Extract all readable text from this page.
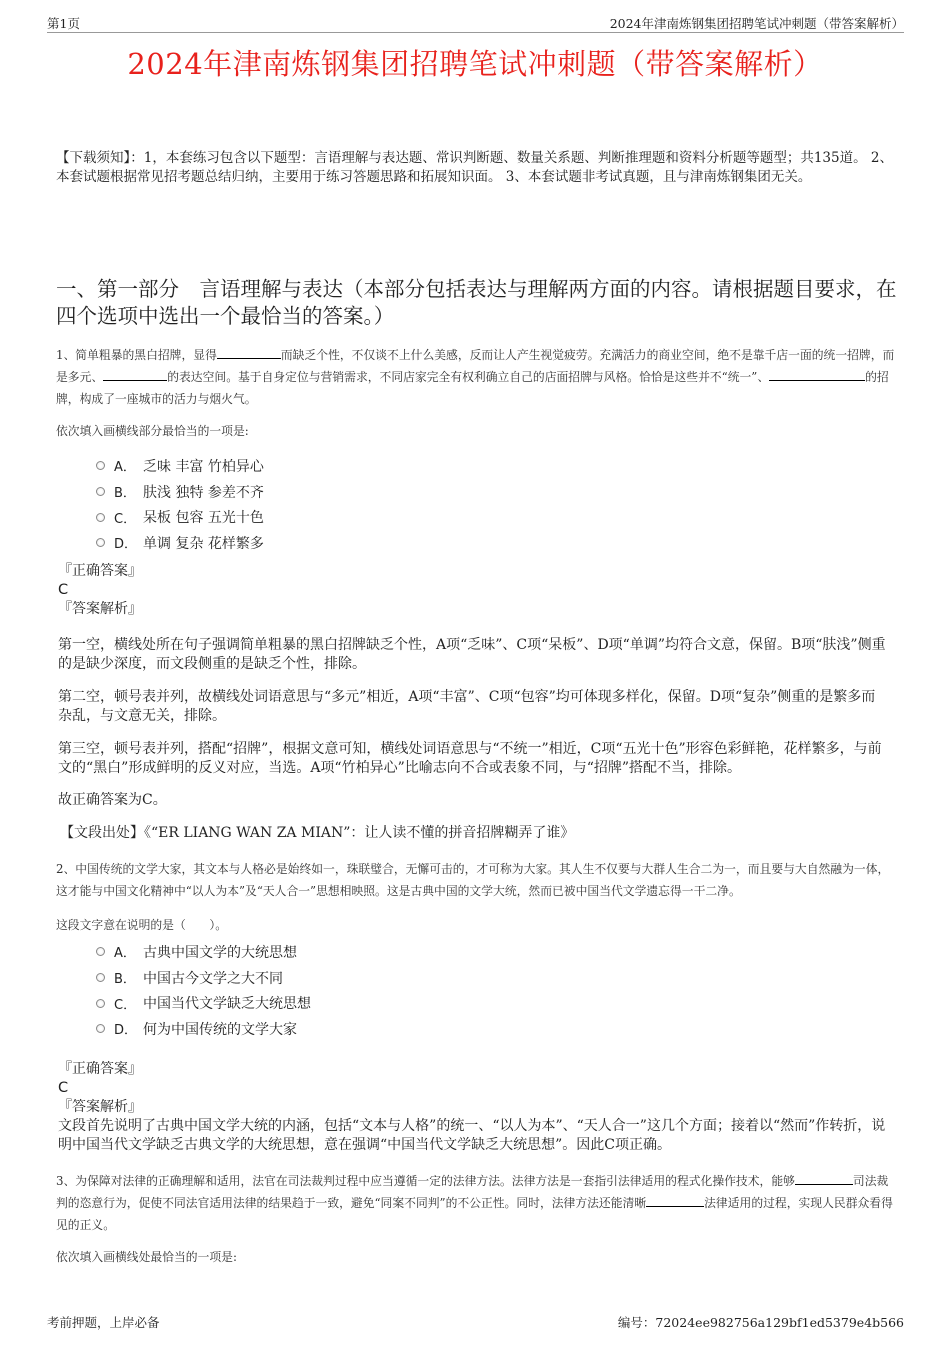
第1页	2024年津南炼钢集团招聘笔试冲刺题（带答案解析）
2024年津南炼钢集团招聘笔试冲刺题（带答案解析）
【下载须知】：1，本套练习包含以下题型：言语理解与表达题、常识判断题、数量关系题、判断推理题和资料分析题等题型；共135道。 2、本套试题根据常见招考题总结归纳，主要用于练习答题思路和拓展知识面。 3、本套试题非考试真题，且与津南炼钢集团无关。
一、第一部分　言语理解与表达（本部分包括表达与理解两方面的内容。请根据题目要求，在四个选项中选出一个最恰当的答案。）
1、简单粗暴的黑白招牌，显得	而缺乏个性，不仅谈不上什么美感，反而让人产生视觉疲劳。充满活力的商业空间，绝不是靠千店一面的统一招牌，而是多元、	的表达空间。基于自身定位与营销需求，不同店家完全有权利确立自己的店面招牌与风格。恰恰是这些并不“统一”、	的招牌，构成了一座城市的活力与烟火气。
依次填入画横线部分最恰当的一项是:
A． 乏味 丰富 竹柏异心
B． 肤浅 独特 参差不齐
C． 呆板 包容 五光十色
D． 单调 复杂 花样繁多
『正确答案』
C
『答案解析』
第一空，横线处所在句子强调简单粗暴的黑白招牌缺乏个性，A项“乏味”、C项“呆板”、D项“单调”均符合文意，保留。B项“肤浅”侧重的是缺少深度，而文段侧重的是缺乏个性，排除。
第二空，顿号表并列，故横线处词语意思与“多元”相近，A项“丰富”、C项“包容”均可体现多样化，保留。D项“复杂”侧重的是繁多而杂乱，与文意无关，排除。
第三空，顿号表并列，搭配“招牌”，根据文意可知，横线处词语意思与“不统一”相近，C项“五光十色”形容色彩鲜艳，花样繁多，与前文的“黑白”形成鲜明的反义对应，当选。A项“竹柏异心”比喻志向不合或表象不同，与“招牌”搭配不当，排除。
故正确答案为C。
【文段出处】《“ER LIANG WAN ZA MIAN”：让人读不懂的拼音招牌糊弄了谁》
2、中国传统的文学大家，其文本与人格必是始终如一，珠联璧合，无懈可击的，才可称为大家。其人生不仅要与大群人生合二为一，而且要与大自然融为一体，这才能与中国文化精神中“以人为本”及“天人合一”思想相映照。这是古典中国的文学大统，然而已被中国当代文学遗忘得一干二净。
这段文字意在说明的是（　　）。
A． 古典中国文学的大统思想
B． 中国古今文学之大不同
C． 中国当代文学缺乏大统思想
D． 何为中国传统的文学大家
『正确答案』
C
『答案解析』
文段首先说明了古典中国文学大统的内涵，包括“文本与人格”的统一、“以人为本”、“天人合一”这几个方面；接着以“然而”作转折，说明中国当代文学缺乏古典文学的大统思想，意在强调“中国当代文学缺乏大统思想”。因此C项正确。
3、为保障对法律的正确理解和适用，法官在司法裁判过程中应当遵循一定的法律方法。法律方法是一套指引法律适用的程式化操作技术，能够	司法裁判的恣意行为，促使不同法官适用法律的结果趋于一致，避免“同案不同判”的不公正性。同时，法律方法还能清晰	法律适用的过程，实现人民群众看得见的正义。
依次填入画横线处最恰当的一项是:
考前押题，上岸必备	编号：72024ee982756a129bf1ed5379e4b566
